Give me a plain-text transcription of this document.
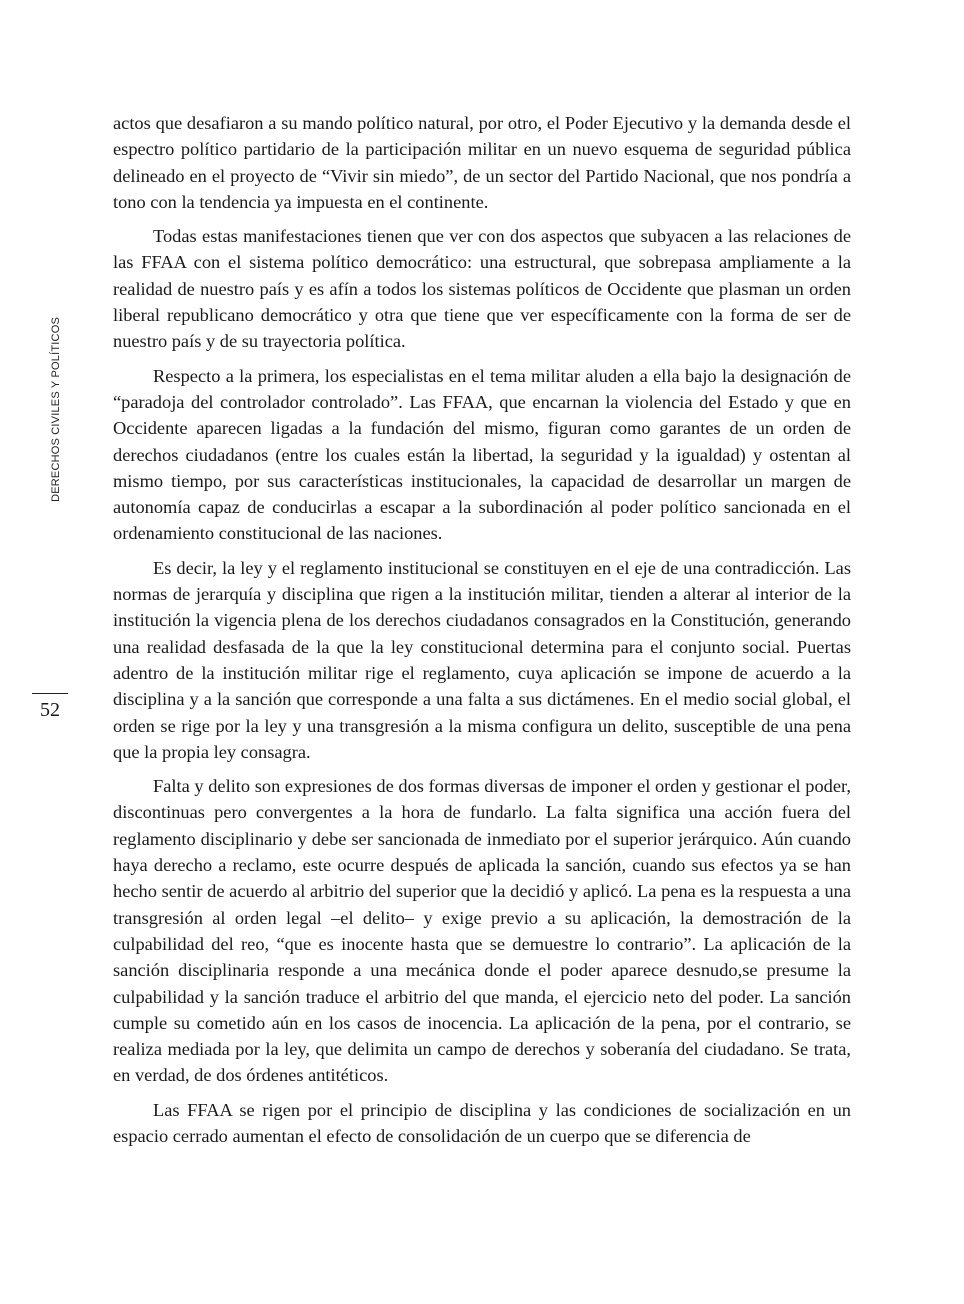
DERECHOS CIVILES Y POLÍTICOS
52

actos que desafiaron a su mando político natural, por otro, el Poder Ejecutivo y la demanda desde el espectro político partidario de la participación militar en un nuevo esquema de seguridad pública delineado en el proyecto de “Vivir sin miedo”, de un sector del Partido Nacional, que nos pondría a tono con la tendencia ya impuesta en el continente.

Todas estas manifestaciones tienen que ver con dos aspectos que subyacen a las relaciones de las FFAA con el sistema político democrático: una estructural, que sobrepasa ampliamente a la realidad de nuestro país y es afín a todos los sistemas políticos de Occidente que plasman un orden liberal republicano democrático y otra que tiene que ver específicamente con la forma de ser de nuestro país y de su trayectoria política.

Respecto a la primera, los especialistas en el tema militar aluden a ella bajo la designación de “paradoja del controlador controlado”. Las FFAA, que encarnan la violencia del Estado y que en Occidente aparecen ligadas a la fundación del mismo, figuran como garantes de un orden de derechos ciudadanos (entre los cuales están la libertad, la seguridad y la igualdad) y ostentan al mismo tiempo, por sus características institucionales, la capacidad de desarrollar un margen de autonomía capaz de conducirlas a escapar a la subordinación al poder político sancionada en el ordenamiento constitucional de las naciones.

Es decir, la ley y el reglamento institucional se constituyen en el eje de una contradicción. Las normas de jerarquía y disciplina que rigen a la institución militar, tienden a alterar al interior de la institución la vigencia plena de los derechos ciudadanos consagrados en la Constitución, generando una realidad desfasada de la que la ley constitucional determina para el conjunto social. Puertas adentro de la institución militar rige el reglamento, cuya aplicación se impone de acuerdo a la disciplina y a la sanción que corresponde a una falta a sus dictámenes. En el medio social global, el orden se rige por la ley y una transgresión a la misma configura un delito, susceptible de una pena que la propia ley consagra.

Falta y delito son expresiones de dos formas diversas de imponer el orden y gestionar el poder, discontinuas pero convergentes a la hora de fundarlo. La falta significa una acción fuera del reglamento disciplinario y debe ser sancionada de inmediato por el superior jerárquico. Aún cuando haya derecho a reclamo, este ocurre después de aplicada la sanción, cuando sus efectos ya se han hecho sentir de acuerdo al arbitrio del superior que la decidió y aplicó. La pena es la respuesta a una transgresión al orden legal –el delito– y exige previo a su aplicación, la demostración de la culpabilidad del reo, “que es inocente hasta que se demuestre lo contrario”. La aplicación de la sanción disciplinaria responde a una mecánica donde el poder aparece desnudo,se presume la culpabilidad y la sanción traduce el arbitrio del que manda, el ejercicio neto del poder. La sanción cumple su cometido aún en los casos de inocencia. La aplicación de la pena, por el contrario, se realiza mediada por la ley, que delimita un campo de derechos y soberanía del ciudadano. Se trata, en verdad, de dos órdenes antitéticos.

Las FFAA se rigen por el principio de disciplina y las condiciones de socialización en un espacio cerrado aumentan el efecto de consolidación de un cuerpo que se diferencia de
